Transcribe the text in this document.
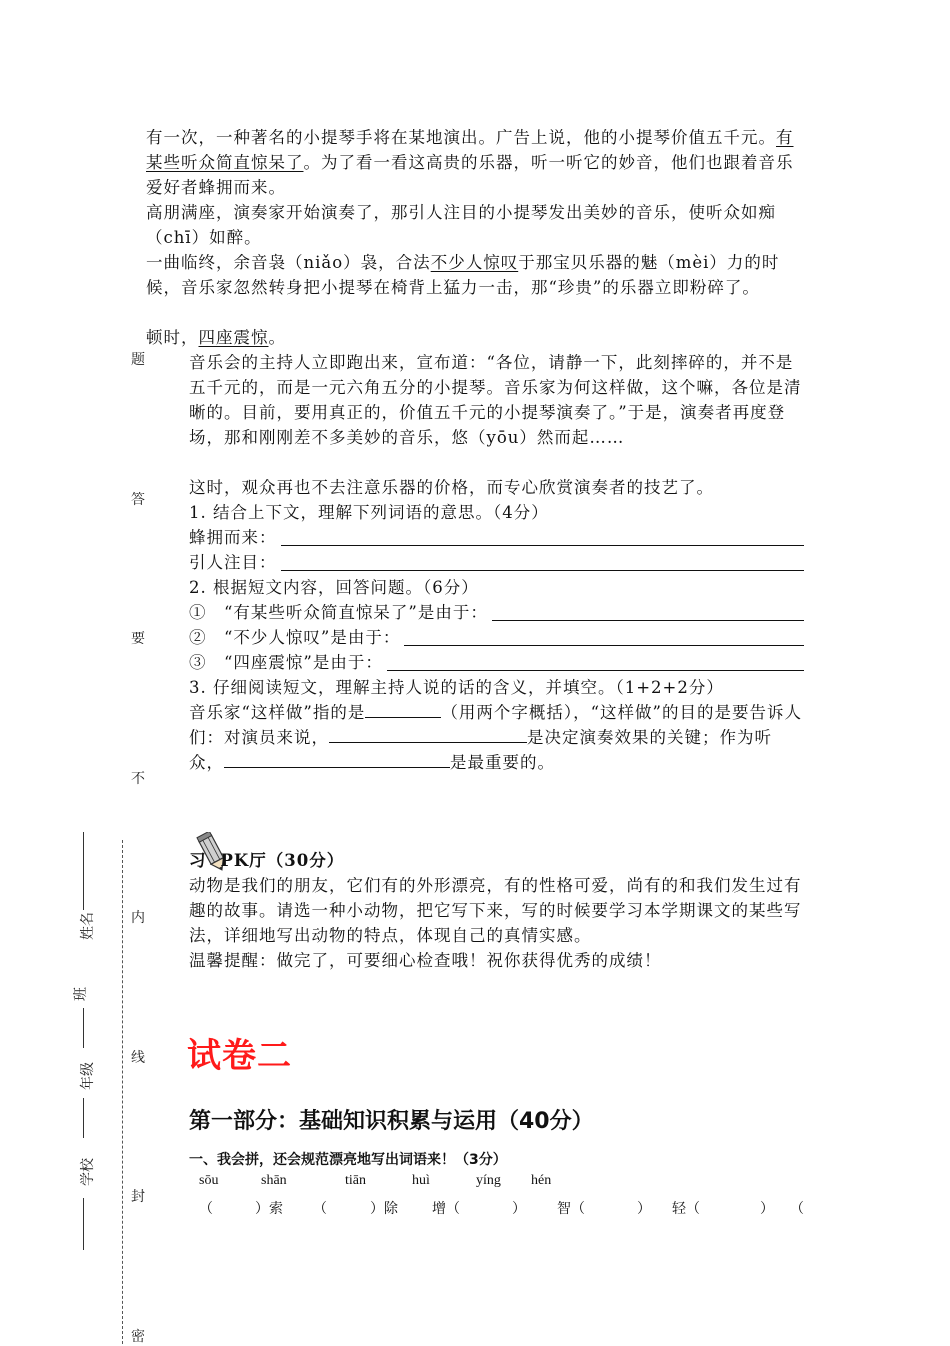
有一次，一种著名的小提琴手将在某地演出。广告上说，他的小提琴价值五千元。有某些听众简直惊呆了。为了看一看这高贵的乐器，听一听它的妙音，他们也跟着音乐爱好者蜂拥而来。
高朋满座，演奏家开始演奏了，那引人注目的小提琴发出美妙的音乐，使听众如痴（chī）如醉。
一曲临终，余音袅（niǎo）袅，合法不少人惊叹于那宝贝乐器的魅（mèi）力的时候，音乐家忽然转身把小提琴在椅背上猛力一击，那“珍贵”的乐器立即粉碎了。
顿时，四座震惊。
音乐会的主持人立即跑出来，宣布道：“各位，请静一下，此刻摔碎的，并不是五千元的，而是一元六角五分的小提琴。音乐家为何这样做，这个嘛，各位是清晰的。目前，要用真正的，价值五千元的小提琴演奏了。”于是，演奏者再度登场，那和刚刚差不多美妙的音乐，悠（yōu）然而起……
这时，观众再也不去注意乐器的价格，而专心欣赏演奏者的技艺了。
1. 结合上下文，理解下列词语的意思。（4分）
蜂拥而来：
引人注目：
2. 根据短文内容，回答问题。（6分）
①　“有某些听众简直惊呆了”是由于：
②　“不少人惊叹”是由于：
③　“四座震惊”是由于：
3. 仔细阅读短文，理解主持人说的话的含义，并填空。（1+2+2分）
音乐家“这样做”指的是	（用两个字概括），“这样做”的目的是要告诉人们：对演员来说，	是决定演奏效果的关键；作为听众，	是最重要的。
习 PK厅（30分）
动物是我们的朋友，它们有的外形漂亮，有的性格可爱，尚有的和我们发生过有趣的故事。请选一种小动物，把它写下来，写的时候要学习本学期课文的某些写法，详细地写出动物的特点，体现自己的真情实感。
温馨提醒：做完了，可要细心检查哦！祝你获得优秀的成绩！
试卷二
第一部分：基础知识积累与运用（40分）
一、我会拼，还会规范漂亮地写出词语来！（3分）
sōu	shān	tiān	huì	yíng hén
（	）索 （	）除 增（	） 智（	） 轻（	） （
题
答
要
不
内
线
封
密
姓名
班
年级
学校
